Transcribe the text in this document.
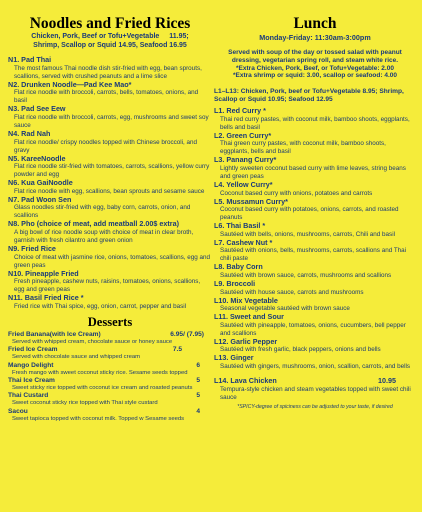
Noodles and Fried Rices
Chicken, Pork, Beef or Tofu+Vegetable 11.95;
Shrimp, Scallop or Squid 14.95, Seafood 16.95
N1. Pad Thai
The most famous Thai noodle dish stir-fried with egg, bean sprouts, scallions, served with crushed peanuts and a lime slice
N2. Drunken Noodle—Pad Kee Mao*
Flat rice noodle with broccoli, carrots, bells, tomatoes, onions, and basil
N3. Pad See Eew
Flat rice noodle with broccoli, carrots, egg, mushrooms and sweet soy sauce
N4. Rad Nah
Flat rice noodle/ crispy noodles topped with Chinese broccoli, and gravy
N5. KareeNoodle
Flat rice noodle stir-fried with tomatoes, carrots, scallions, yellow curry powder and egg
N6. Kua GaiNoodle
Flat rice noodle with egg, scallions, bean sprouts and sesame sauce
N7. Pad Woon Sen
Glass noodles stir-fried with egg, baby corn, carrots, onion, and scallions
N8. Pho (choice of meat, add meatball 2.00$ extra)
A big bowl of rice noodle soup with choice of meat in clear broth, garnish with fresh cilantro and green onion
N9. Fried Rice
Choice of meat with jasmine rice, onions, tomatoes, scallions, egg and green peas
N10. Pineapple Fried
Fresh pineapple, cashew nuts, raisins, tomatoes, onions, scallions, egg and green peas
N11. Basil Fried Rice *
Fried rice with Thai spice, egg, onion, carrot, pepper and basil
Desserts
Fried Banana(with Ice Cream)	6.95/ (7.95)
Served with whipped cream, chocolate sauce or honey sauce
Fried Ice Cream	7.5
Served with chocolate sauce and whipped cream
Mango Delight	6
Fresh mango with sweet coconut sticky rice. Sesame seeds topped
Thai Ice Cream	5
Sweet sticky rice topped with coconut ice cream and roasted peanuts
Thai Custard	5
Sweet coconut sticky rice topped with Thai style custard
Sacou	4
Sweet tapioca topped with coconut milk. Topped w Sesame seeds
Lunch
Monday-Friday: 11:30am-3:00pm
Served with soup of the day or tossed salad with peanut dressing, vegetarian spring roll, and steam white rice.
*Extra Chicken, Pork, Beef, or Tofu+Vegetable: 2.00
*Extra shrimp or squid: 3.00, scallop or seafood: 4.00
L1–L13: Chicken, Pork, beef or Tofu+Vegetable 8.95; Shrimp, Scallop or Squid 10.95; Seafood 12.95
L1. Red Curry *
Thai red curry pastes, with coconut milk, bamboo shoots, eggplants, bells and basil
L2. Green Curry*
Thai green curry pastes, with coconut milk, bamboo shoots, eggplants, bells and basil
L3. Panang Curry*
Lightly sweeten coconut based curry with lime leaves, string beans and green peas
L4. Yellow Curry*
Coconut based curry with onions, potatoes and carrots
L5. Mussamun Curry*
Coconut based curry with potatoes, onions, carrots, and roasted peanuts
L6. Thai Basil *
Sautéed with bells, onions, mushrooms, carrots, Chili and basil
L7. Cashew Nut *
Sautéed with onions, bells, mushrooms, carrots, scallions and Thai chili paste
L8. Baby Corn
Sautéed with brown sauce, carrots, mushrooms and scallions
L9. Broccoli
Sautéed with house sauce, carrots and mushrooms
L10. Mix Vegetable
Seasonal vegetable sautéed with brown sauce
L11. Sweet and Sour
Sautéed with pineapple, tomatoes, onions, cucumbers, bell pepper and scallions
L12. Garlic Pepper
Sautéed with fresh garlic, black peppers, onions and bells
L13. Ginger
Sautéed with gingers, mushrooms, onion, scallion, carrots, and bells
L14. Lava Chicken	10.95
Tempura-style chicken and steam vegetables topped with sweet chili sauce
*SPICY-degree of spiciness can be adjusted to your taste, if desired
